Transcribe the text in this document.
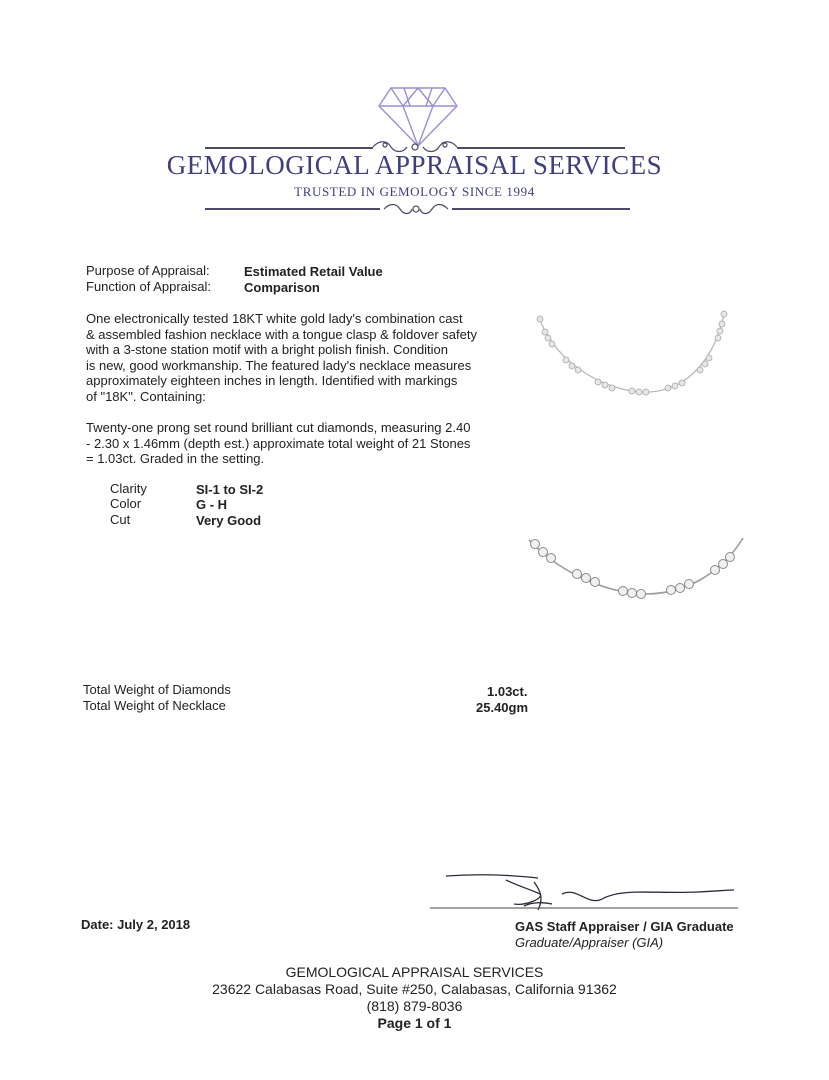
GEMOLOGICAL APPRAISAL SERVICES
TRUSTED IN GEMOLOGY SINCE 1994
Purpose of Appraisal:	Estimated Retail Value
Function of Appraisal:	Comparison
One electronically tested 18KT white gold lady's combination cast
& assembled fashion necklace with a tongue clasp & foldover safety
with a 3-stone station motif with a bright polish finish. Condition
is new, good workmanship. The featured lady's necklace measures
approximately eighteen inches in length. Identified with markings
of "18K". Containing:
Twenty-one prong set round brilliant cut diamonds, measuring 2.40
- 2.30 x 1.46mm (depth est.) approximate total weight of 21 Stones
= 1.03ct. Graded in the setting.
Clarity	SI-1 to SI-2
Color	G - H
Cut	Very Good
Total Weight of Diamonds	1.03ct.
Total Weight of Necklace	25.40gm
Date: July 2, 2018	GAS Staff Appraiser / GIA Graduate
Graduate/Appraiser (GIA)
GEMOLOGICAL APPRAISAL SERVICES
23622 Calabasas Road, Suite #250, Calabasas, California 91362
(818) 879-8036
Page 1 of 1
